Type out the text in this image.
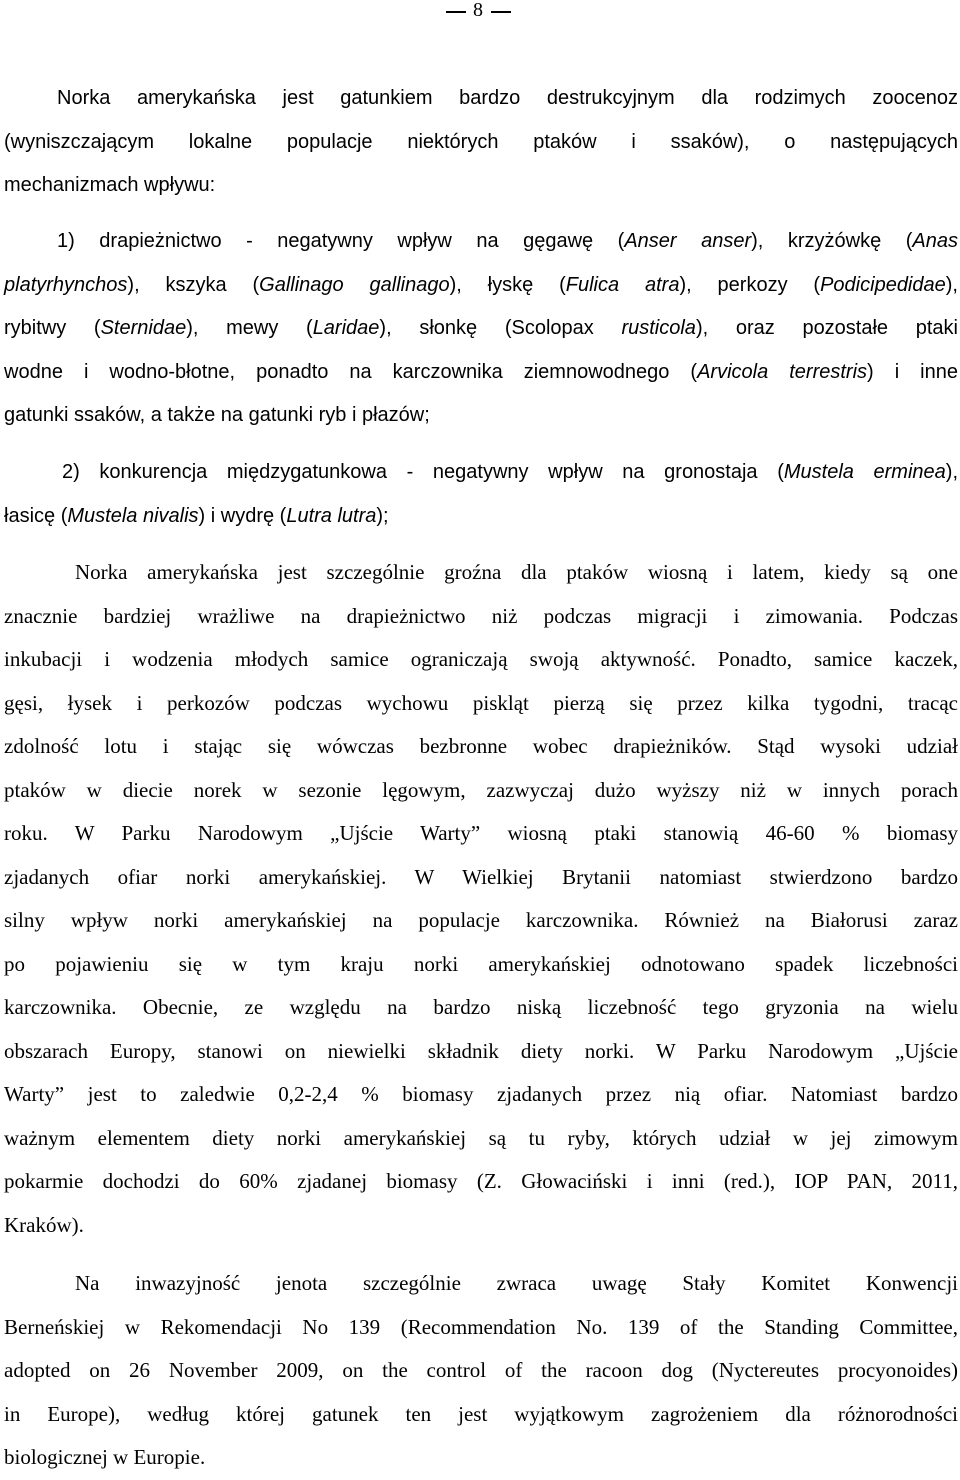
8
Norka amerykańska jest gatunkiem bardzo destrukcyjnym dla rodzimych zoocenoz
(wyniszczającym lokalne populacje niektórych ptaków i ssaków), o następujących
mechanizmach wpływu:
1) drapieżnictwo - negatywny wpływ na gęgawę (Anser anser), krzyżówkę (Anas
platyrhynchos), kszyka (Gallinago gallinago), łyskę (Fulica atra), perkozy (Podicipedidae),
rybitwy (Sternidae), mewy (Laridae), słonkę (Scolopax rusticola), oraz pozostałe ptaki
wodne i wodno-błotne, ponadto na karczownika ziemnowodnego (Arvicola terrestris) i inne
gatunki ssaków, a także na gatunki ryb i płazów;
2) konkurencja międzygatunkowa - negatywny wpływ na gronostaja (Mustela erminea),
łasicę (Mustela nivalis) i wydrę (Lutra lutra);
Norka amerykańska jest szczególnie groźna dla ptaków wiosną i latem, kiedy są one
znacznie bardziej wrażliwe na drapieżnictwo niż podczas migracji i zimowania. Podczas
inkubacji i wodzenia młodych samice ograniczają swoją aktywność. Ponadto, samice kaczek,
gęsi, łysek i perkozów podczas wychowu piskląt pierzą się przez kilka tygodni, tracąc
zdolność lotu i stając się wówczas bezbronne wobec drapieżników. Stąd wysoki udział
ptaków w diecie norek w sezonie lęgowym, zazwyczaj dużo wyższy niż w innych porach
roku. W Parku Narodowym „Ujście Warty” wiosną ptaki stanowią 46-60 % biomasy
zjadanych ofiar norki amerykańskiej. W Wielkiej Brytanii natomiast stwierdzono bardzo
silny wpływ norki amerykańskiej na populacje karczownika. Również na Białorusi zaraz
po pojawieniu się w tym kraju norki amerykańskiej odnotowano spadek liczebności
karczownika. Obecnie, ze względu na bardzo niską liczebność tego gryzonia na wielu
obszarach Europy, stanowi on niewielki składnik diety norki. W Parku Narodowym „Ujście
Warty” jest to zaledwie 0,2-2,4 % biomasy zjadanych przez nią ofiar. Natomiast bardzo
ważnym elementem diety norki amerykańskiej są tu ryby, których udział w jej zimowym
pokarmie dochodzi do 60% zjadanej biomasy (Z. Głowaciński i inni (red.), IOP PAN, 2011,
Kraków).
Na inwazyjność jenota szczególnie zwraca uwagę Stały Komitet Konwencji
Berneńskiej w Rekomendacji No 139 (Recommendation No. 139 of the Standing Committee,
adopted on 26 November 2009, on the control of the racoon dog (Nyctereutes procyonoides)
in Europe), według której gatunek ten jest wyjątkowym zagrożeniem dla różnorodności
biologicznej w Europie.
